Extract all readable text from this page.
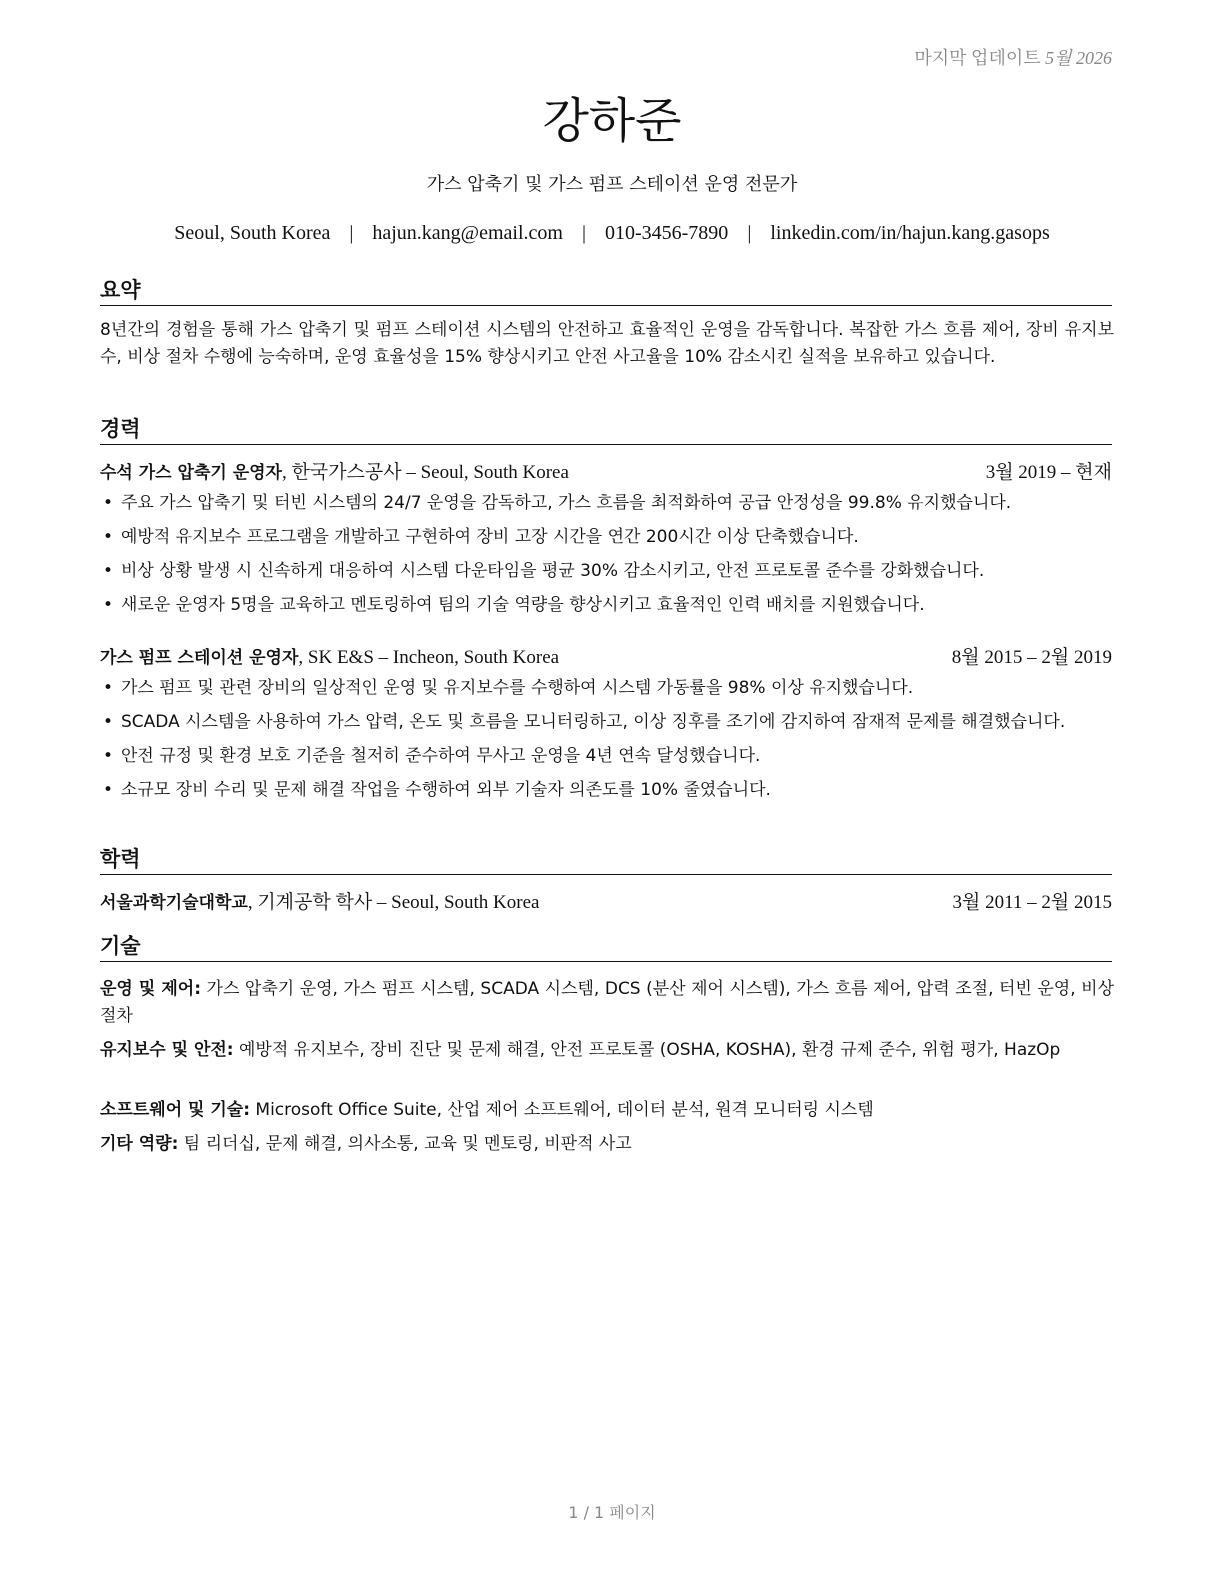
마지막 업데이트 5월 2026
강하준
가스 압축기 및 가스 펌프 스테이션 운영 전문가
Seoul, South Korea | hajun.kang@email.com | 010-3456-7890 | linkedin.com/in/hajun.kang.gasops
요약
8년간의 경험을 통해 가스 압축기 및 펌프 스테이션 시스템의 안전하고 효율적인 운영을 감독합니다. 복잡한 가스 흐름 제어, 장비 유지보수, 비상 절차 수행에 능숙하며, 운영 효율성을 15% 향상시키고 안전 사고율을 10% 감소시킨 실적을 보유하고 있습니다.
경력
수석 가스 압축기 운영자, 한국가스공사 – Seoul, South Korea	3월 2019 – 현재
• 주요 가스 압축기 및 터빈 시스템의 24/7 운영을 감독하고, 가스 흐름을 최적화하여 공급 안정성을 99.8% 유지했습니다.
• 예방적 유지보수 프로그램을 개발하고 구현하여 장비 고장 시간을 연간 200시간 이상 단축했습니다.
• 비상 상황 발생 시 신속하게 대응하여 시스템 다운타임을 평균 30% 감소시키고, 안전 프로토콜 준수를 강화했습니다.
• 새로운 운영자 5명을 교육하고 멘토링하여 팀의 기술 역량을 향상시키고 효율적인 인력 배치를 지원했습니다.
가스 펌프 스테이션 운영자, SK E&S – Incheon, South Korea	8월 2015 – 2월 2019
• 가스 펌프 및 관련 장비의 일상적인 운영 및 유지보수를 수행하여 시스템 가동률을 98% 이상 유지했습니다.
• SCADA 시스템을 사용하여 가스 압력, 온도 및 흐름을 모니터링하고, 이상 징후를 조기에 감지하여 잠재적 문제를 해결했습니다.
• 안전 규정 및 환경 보호 기준을 철저히 준수하여 무사고 운영을 4년 연속 달성했습니다.
• 소규모 장비 수리 및 문제 해결 작업을 수행하여 외부 기술자 의존도를 10% 줄였습니다.
학력
서울과학기술대학교, 기계공학 학사 – Seoul, South Korea	3월 2011 – 2월 2015
기술
운영 및 제어: 가스 압축기 운영, 가스 펌프 시스템, SCADA 시스템, DCS (분산 제어 시스템), 가스 흐름 제어, 압력 조절, 터빈 운영, 비상 절차
유지보수 및 안전: 예방적 유지보수, 장비 진단 및 문제 해결, 안전 프로토콜 (OSHA, KOSHA), 환경 규제 준수, 위험 평가, HazOp
소프트웨어 및 기술: Microsoft Office Suite, 산업 제어 소프트웨어, 데이터 분석, 원격 모니터링 시스템
기타 역량: 팀 리더십, 문제 해결, 의사소통, 교육 및 멘토링, 비판적 사고
1 / 1 페이지
